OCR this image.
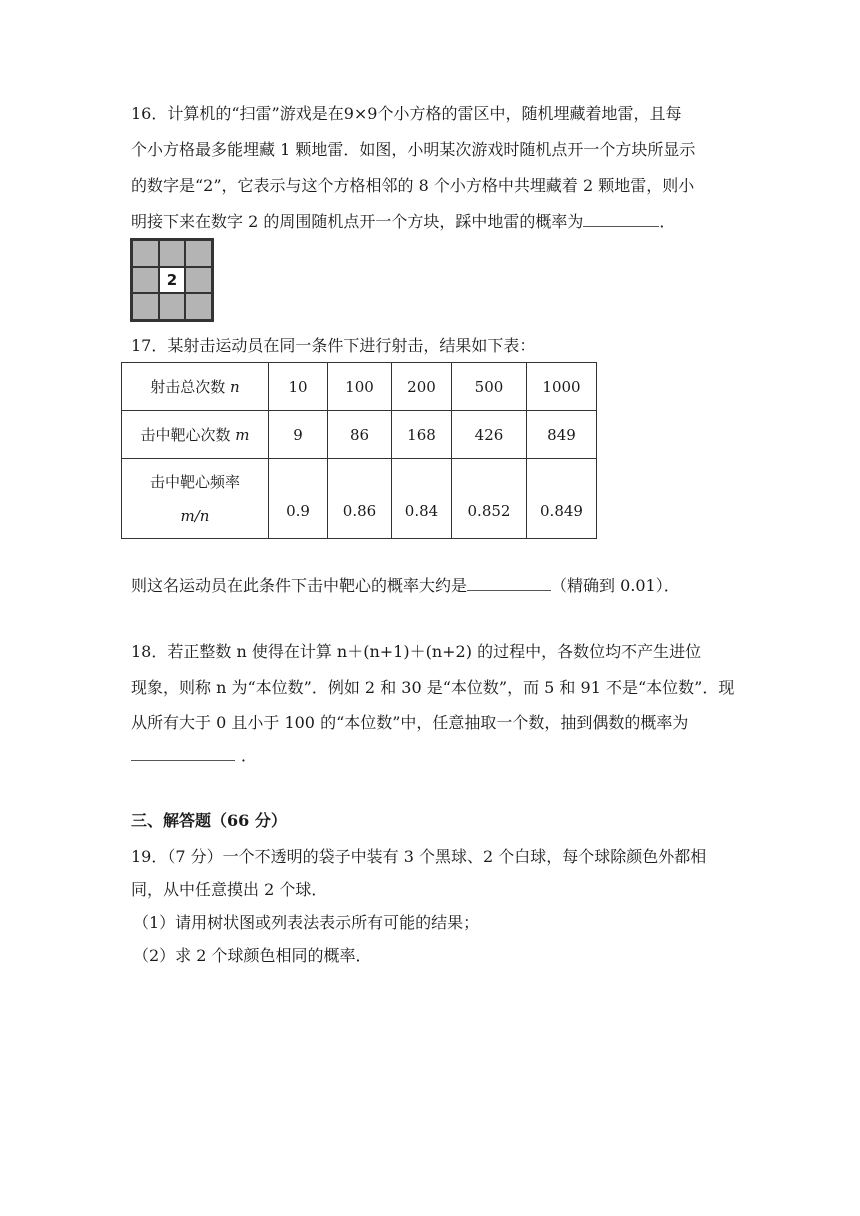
16．计算机的“扫雷”游戏是在9×9个小方格的雷区中，随机埋藏着地雷，且每
个小方格最多能埋藏 1 颗地雷．如图，小明某次游戏时随机点开一个方块所显示
的数字是“2”，它表示与这个方格相邻的 8 个小方格中共埋藏着 2 颗地雷，则小
明接下来在数字 2 的周围随机点开一个方块，踩中地雷的概率为	．
2
17．某射击运动员在同一条件下进行射击，结果如下表：
射击总次数 n	10	100	200	500	1000
击中靶心次数 m	9	86	168	426	849

击中靶心频率
m/n	0.9	0.86	0.84	0.852	0.849
则这名运动员在此条件下击中靶心的概率大约是	（精确到 0.01）．
18．若正整数 n 使得在计算 n＋(n+1)＋(n+2) 的过程中，各数位均不产生进位
现象，则称 n 为“本位数”．例如 2 和 30 是“本位数”，而 5 和 91 不是“本位数”．现
从所有大于 0 且小于 100 的“本位数”中，任意抽取一个数，抽到偶数的概率为
．
三、解答题（66 分）
19．（7 分）一个不透明的袋子中装有 3 个黑球、2 个白球，每个球除颜色外都相
同，从中任意摸出 2 个球．
（1）请用树状图或列表法表示所有可能的结果；
（2）求 2 个球颜色相同的概率．
